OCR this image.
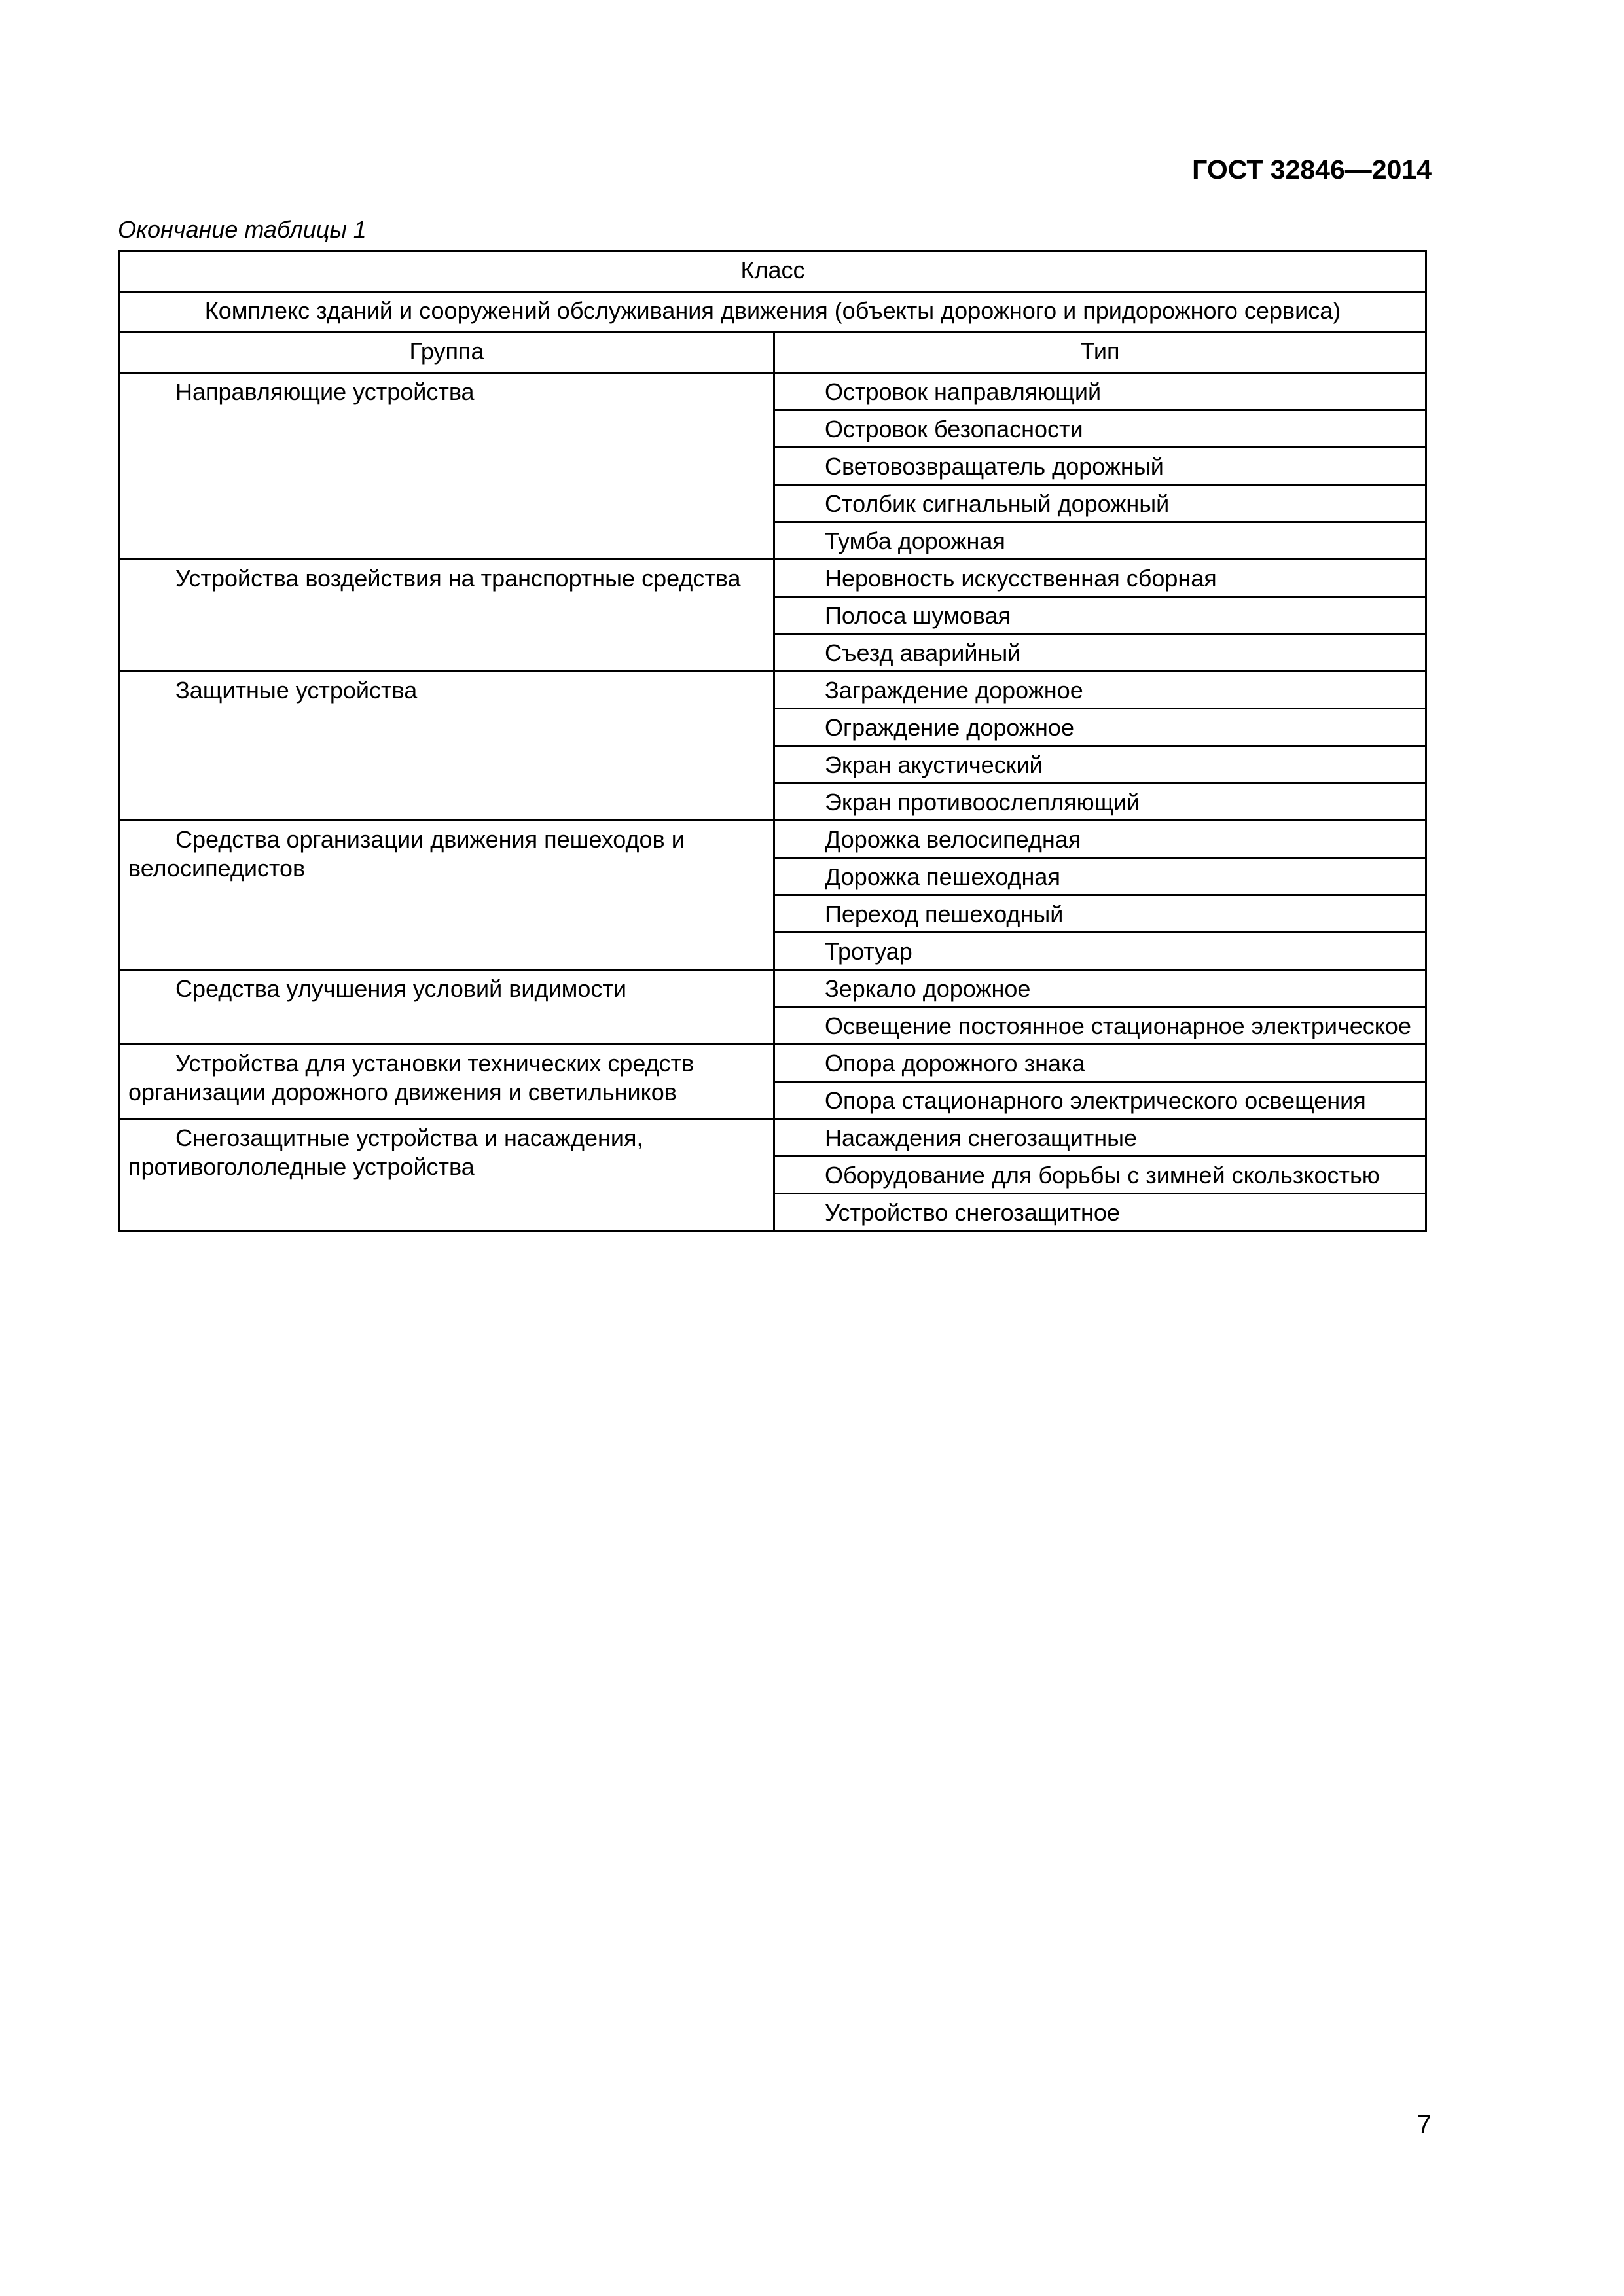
ГОСТ 32846—2014
Окончание таблицы 1
Класс	
Комплекс зданий и сооружений обслуживания движения (объекты дорожного и придорожного сервиса)	
Группа	Тип
Направляющие устройства	Островок направляющий
	Островок безопасности
	Световозвращатель дорожный
	Столбик сигнальный дорожный
	Тумба дорожная
Устройства воздействия на транспортные средства	Неровность искусственная сборная
	Полоса шумовая
	Съезд аварийный
Защитные устройства	Заграждение дорожное
	Ограждение дорожное
	Экран акустический
	Экран противоослепляющий
Средства организации движения пешеходов и велосипедистов	Дорожка велосипедная
	Дорожка пешеходная
	Переход пешеходный
	Тротуар
Средства улучшения условий видимости	Зеркало дорожное
	Освещение постоянное стационарное электрическое
Устройства для установки технических средств организации дорожного движения и светильников	Опора дорожного знака
	Опора стационарного электрического освещения
Снегозащитные устройства и насаждения, противогололедные устройства	Насаждения снегозащитные
	Оборудование для борьбы с зимней скользкостью
	Устройство снегозащитное
7
